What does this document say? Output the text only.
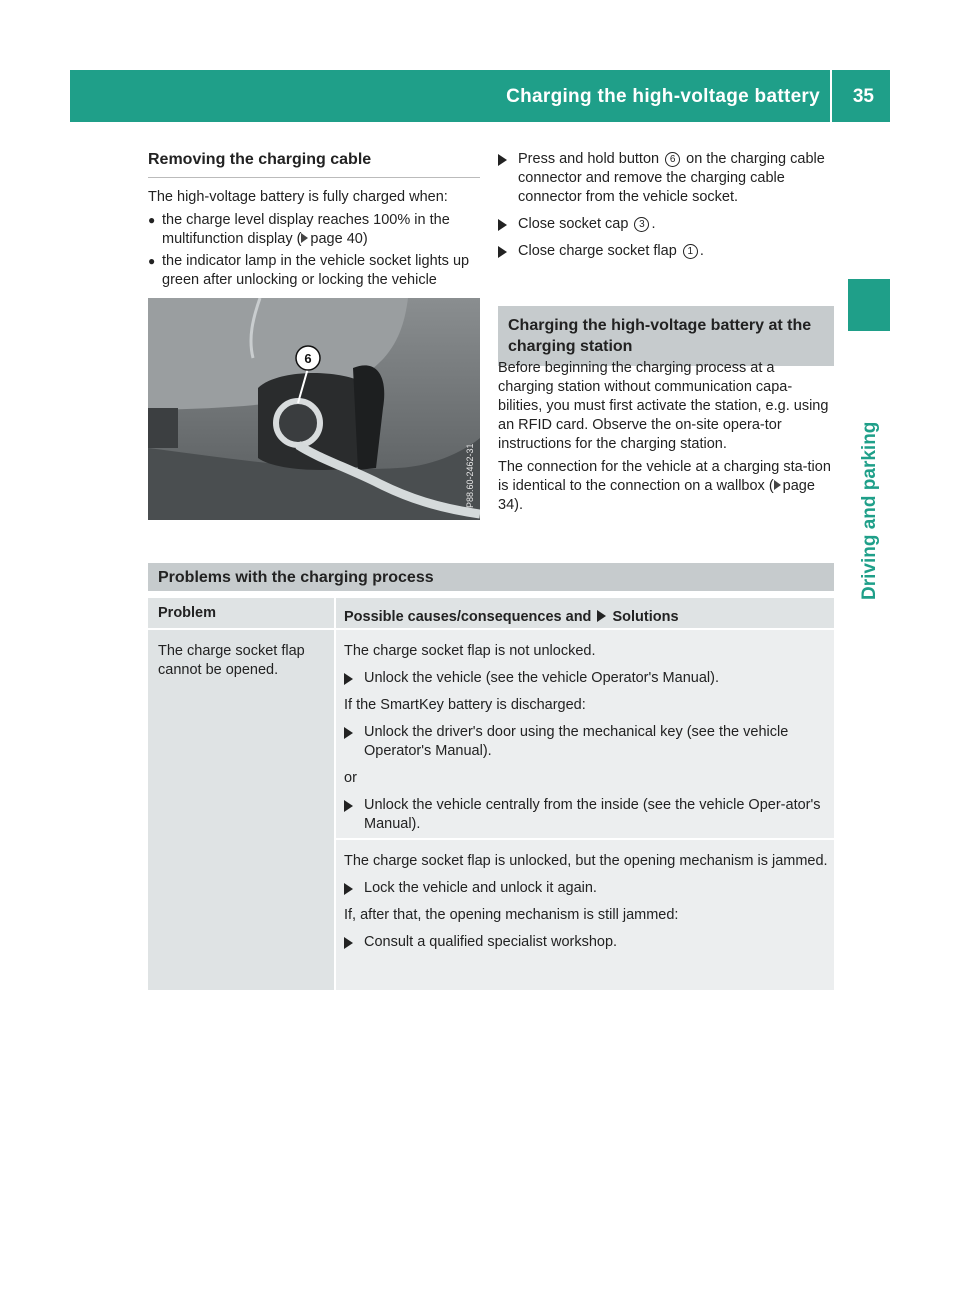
Charging the high-voltage battery 35
Driving and parking
Removing the charging cable

The high-voltage battery is fully charged when:

● the charge level display reaches 100% in the multifunction display ( page 40)
● the indicator lamp in the vehicle socket lights up green after unlocking or locking the vehicle
6
P88.60-2462-31
Press and hold button 6 on the charging cable connector and remove the charging cable connector from the vehicle socket.
Close socket cap 3 .
Close charge socket flap 1 .
Charging the high-voltage battery at the charging station

Before beginning the charging process at a charging station without communication capa-bilities, you must first activate the station, e.g. using an RFID card. Observe the on-site opera-tor instructions for the charging station.

The connection for the vehicle at a charging sta-tion is identical to the connection on a wallbox ( page 34).

Problems with the charging process
Problem	Possible causes/consequences and Solutions
The charge socket flap cannot be opened.

The charge socket flap is not unlocked.

Unlock the vehicle (see the vehicle Operator's Manual).

If the SmartKey battery is discharged:

Unlock the driver's door using the mechanical key (see the vehicle Operator's Manual).

or

Unlock the vehicle centrally from the inside (see the vehicle Oper-ator's Manual).

The charge socket flap is unlocked, but the opening mechanism is jammed.

Lock the vehicle and unlock it again.

If, after that, the opening mechanism is still jammed:

Consult a qualified specialist workshop.
